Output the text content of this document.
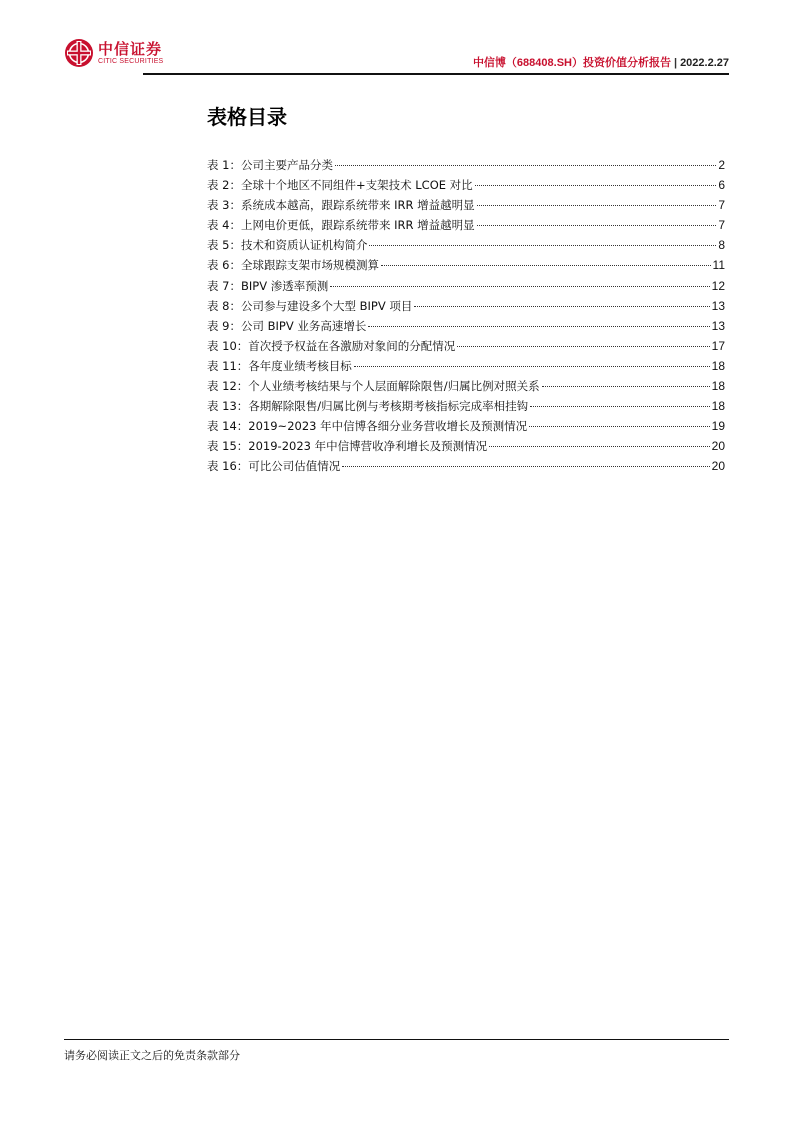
中信证券
CITIC SECURITIES	中信博（688408.SH）投资价值分析报告 | 2022.2.27
表格目录
表 1：公司主要产品分类	2
表 2：全球十个地区不同组件+支架技术 LCOE 对比	6
表 3：系统成本越高，跟踪系统带来 IRR 增益越明显	7
表 4：上网电价更低，跟踪系统带来 IRR 增益越明显	7
表 5：技术和资质认证机构简介	8
表 6：全球跟踪支架市场规模测算	11
表 7：BIPV 渗透率预测	12
表 8：公司参与建设多个大型 BIPV 项目	13
表 9：公司 BIPV 业务高速增长	13
表 10：首次授予权益在各激励对象间的分配情况	17
表 11：各年度业绩考核目标	18
表 12：个人业绩考核结果与个人层面解除限售/归属比例对照关系	18
表 13：各期解除限售/归属比例与考核期考核指标完成率相挂钩	18
表 14：2019~2023 年中信博各细分业务营收增长及预测情况	19
表 15：2019-2023 年中信博营收净利增长及预测情况	20
表 16：可比公司估值情况	20
请务必阅读正文之后的免责条款部分
